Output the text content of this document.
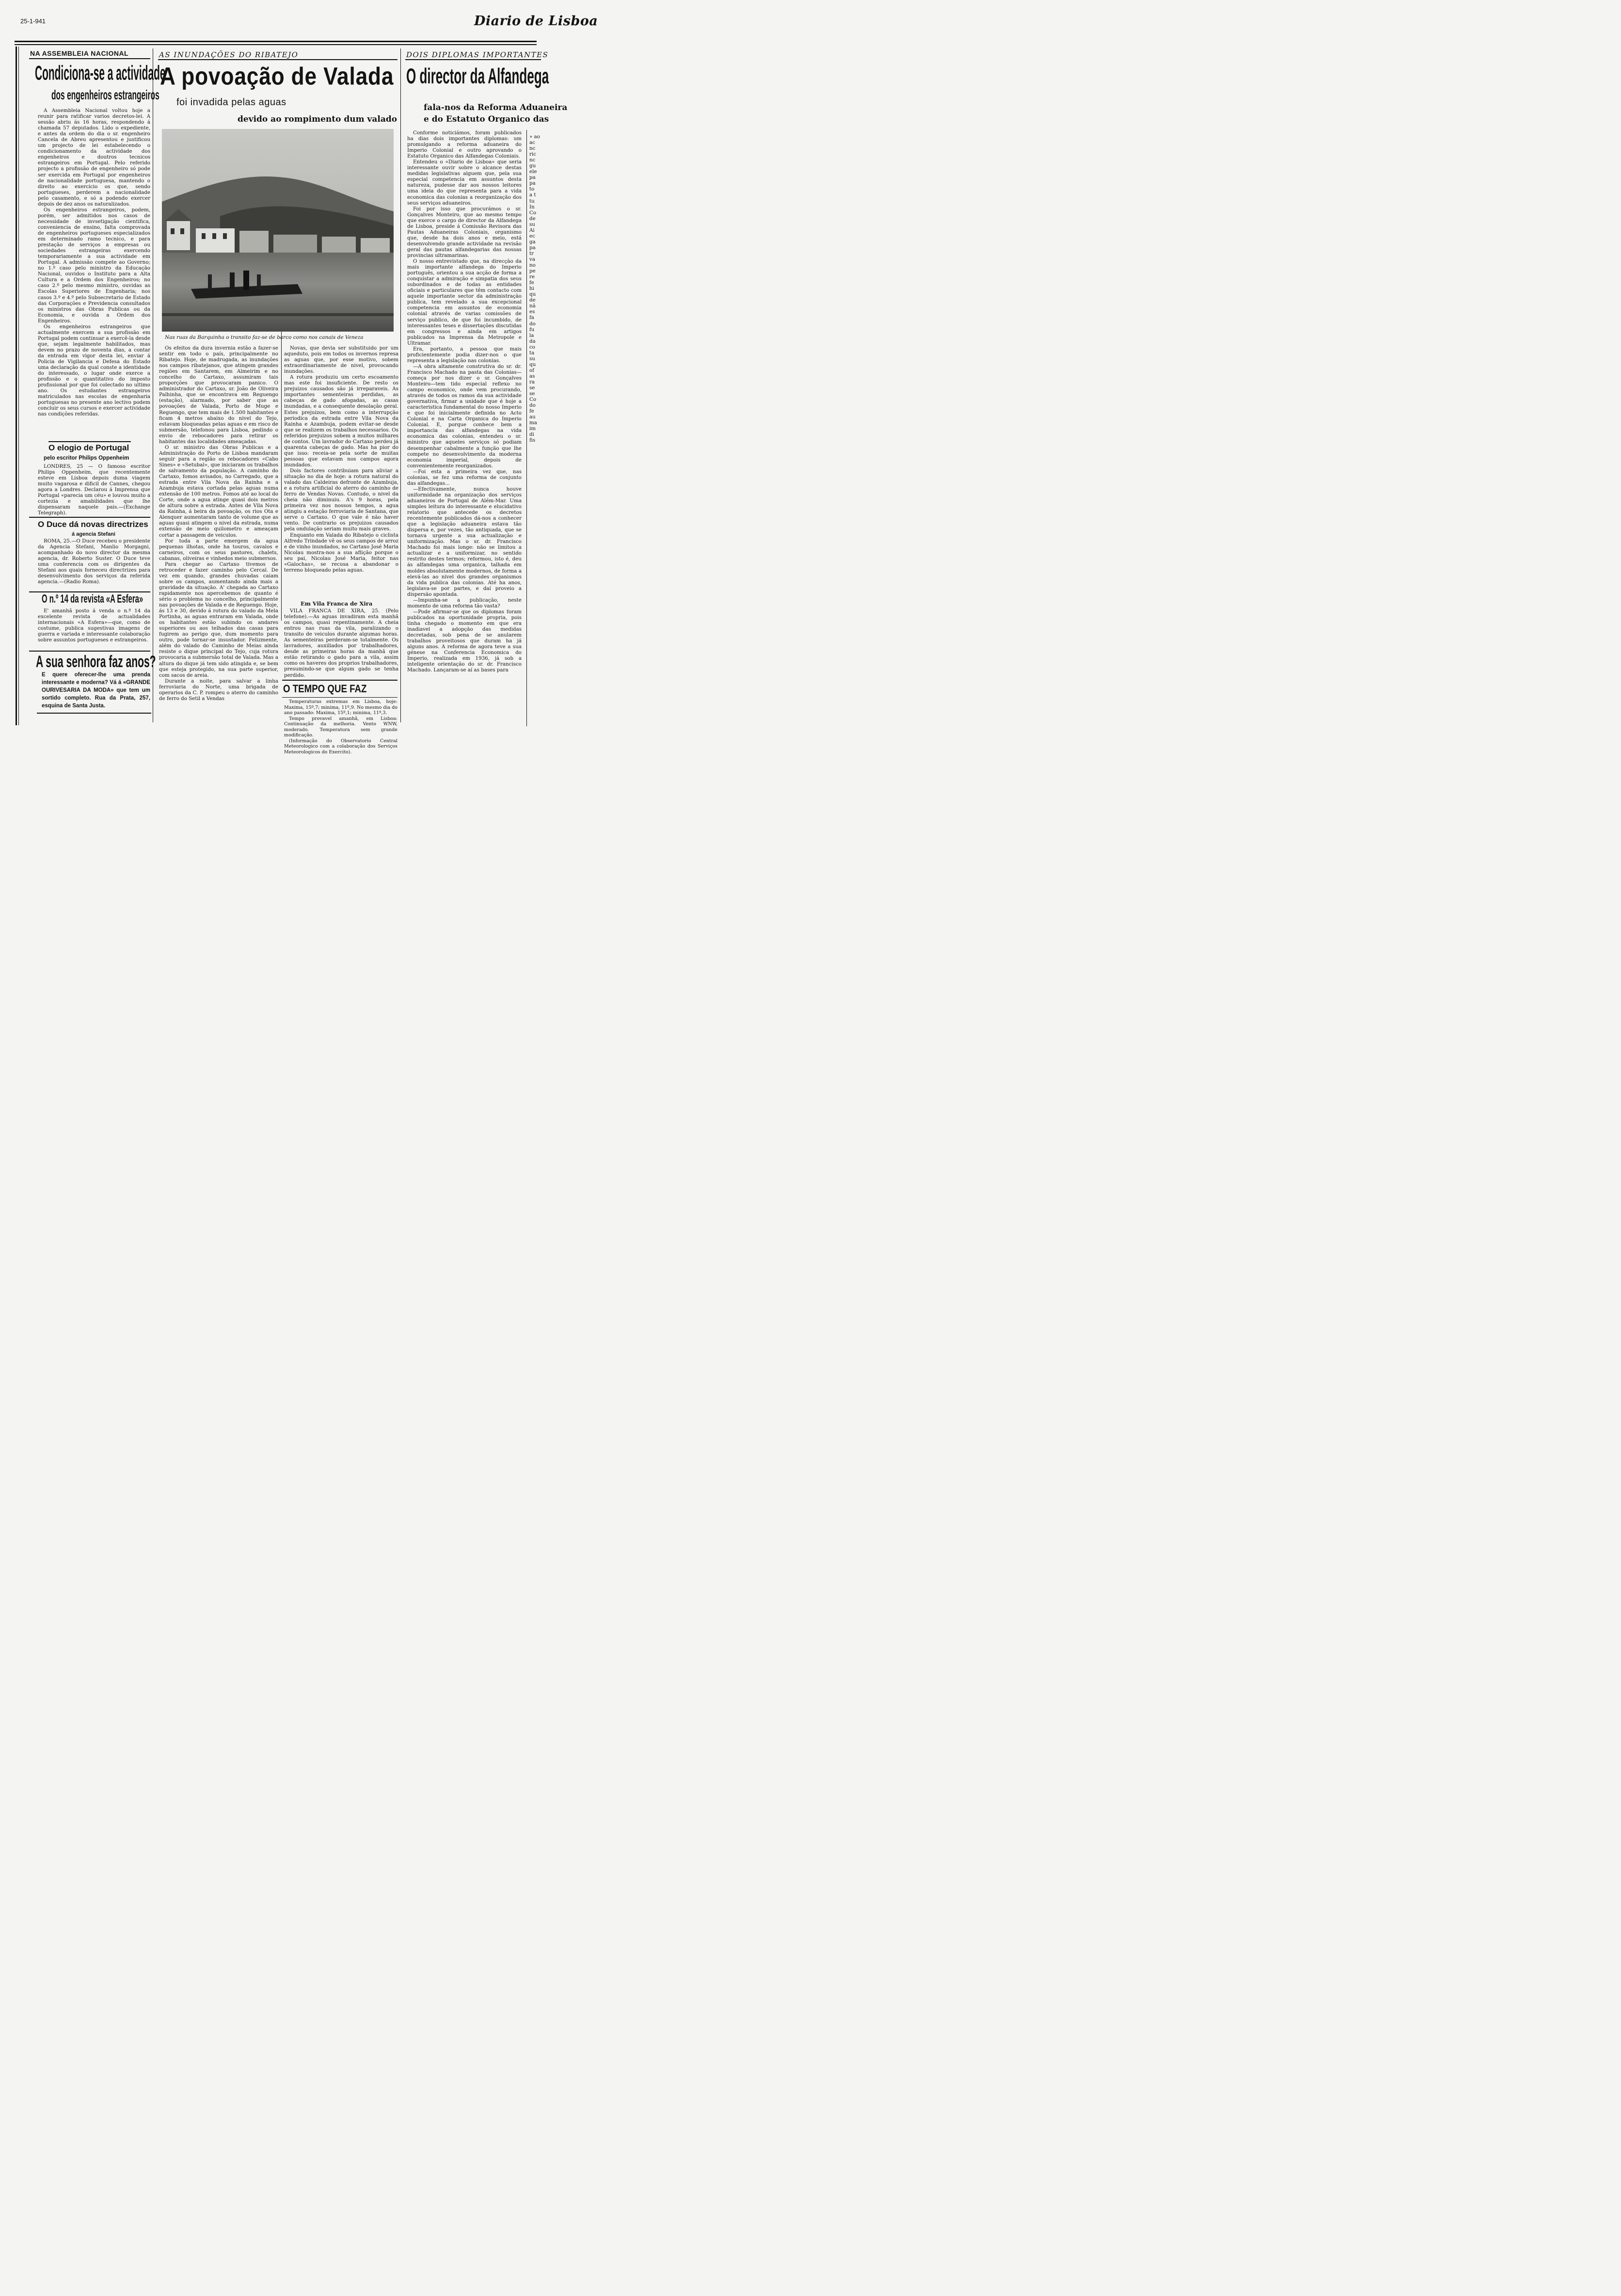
25-1-941	Diario de Lisboa
NA ASSEMBLEIA NACIONAL
Condiciona-se a actividade
dos engenheiros estrangeiros

A Assembleia Nacional voltou hoje a reunir para ratificar varios decretos-lei. A sessão abriu ás 16 horas, respondendo á chamada 57 deputados. Lido o expediente, e antes da ordem do dia o sr. engenheiro Cancela de Abreu apresentou e justificou um projecto de lei estabelecendo o condicionamento da actividade dos engenheiros e doutros tecnicos estrangeiros em Portugal. Pelo referido projecto a profissão de engenheiro só pode ser exercida em Portugal por engenheiros de nacionalidade portuguesa, mantendo o direito ao exercicio os que, sendo portugueses, perderem a nacionalidade pelo casamento, e só a podendo exercer depois de dez anos os naturalizados.

Os engenheiros estrangeiros, podem, porém, ser admitidos nos casos de necessidade de invsetigação cientifica, conveniencia de ensino, falta comprovada de engenheiros portugueses especializados em determinado ramo tecnico, e para prestação de serviços a empresas ou sociedades estrangeiras exercendo temporariamente a sua actividade em Portugal. A admissão compete ao Governo; no 1.º caso pelo ministro da Educação Nacional, ouvidos o Instituto para a Alta Cultura e a Ordem dos Engenheiros; no caso 2.º pelo mesmo ministro, ouvidas as Escolas Superiores de Engenharia; nos casos 3.º e 4.º pelo Subsecretario de Estado das Corporações e Previdencia consultados os ministros das Obras Publicas ou da Economia, e ouvida a Ordem dos Engenheiros.

Os engenheiros estrangeiros que actualmente exercem a sua profissão em Portugal podem continuar a exercê-la desde que, sejam legalmente habilitados, mas devem no prazo de noventa dias, a contar da entrada em vigor desta lei, enviar á Policia de Vigilancia e Defesa do Estado uma declaração da qual conste a identidade do interessado, o lugar onde exerce a profissão e o quantitativo do imposto profissional por que foi colectado no ultimo ano. Os estudantes estrangeiros matriculados nas escolas de engenharia portuguesas no presente ano lectivo podem concluir os seus cursos e exercer actividade nas condições referidas.

O elogio de Portugal
pelo escritor Philips Oppenheim

LONDRES, 25 — O famoso escritor Philips Oppenheim, que recentemente esteve em Lisboa depois duma viagem muito vagarosa e dificil de Cannes, chegou agora a Londres. Declarou á Imprensa que Portugal «parecia um céu» e louvou muito a cortezia e amabilidades que lhe dispensaram naquele pais.—(Exchange Telegraph).

O Duce dá novas directrizes
á agencia Stefani

ROMA, 25.—O Duce recebeu o presidente da Agencia Stefani, Manlio Morgagni, acompanhado do novo director da mesma agencia, dr. Roberto Suster. O Duce teve uma conferencia com os dirigentes da Stefani aos quais forneceu directrizes para desenvolvimento dos serviços da referida agencia.—(Radio Roma).

O n.º 14 da revista «A Esfera»

E' amanhã posto á venda o n.º 14 da excelente revista de actualidades internacionais «A Esfera»—que, como de costume, publica sugestivas imagens de guerra e variada e interessante colaboração sobre assuntos portugueses e estrangeiros.

A sua senhora faz anos?
E quere oferecer-lhe uma prenda interessante e moderna? Vá á «GRANDE OURIVESARIA DA MODA» que tem um sortido completo. Rua da Prata, 257, esquina de Santa Justa.
AS INUNDAÇÕES DO RIBATEJO
A povoação de Valada
foi invadida pelas aguas
devido ao rompimento dum valado
Nas ruas da Barquinha o transito faz-se de barco como nos canais de Veneza

Os efeitos da dura invernia estão a fazer-se sentir em todo o país, principalmente no Ribatejo. Hoje, de madrugada, as inundações nos campos ribatejanos, que atingem grandes regiões em Santarem, em Almeirim e no concelho do Cartaxo, assumiram tais proporções que provocaram panico. O administrador do Cartaxo, sr. João de Oliveira Palhinha, que se encontrava em Reguengo (estação), alarmado, por saber que as povoações de Valada, Porto de Muge e Reguengo, que tem mais de 1.500 habitantes e ficam 4 metros abaixo do nivel do Tejo, estavam bloqueadas pelas aguas e em risco de submersão, telefonou para Lisboa, pedindo o envio de rebocadores para retirar os habitantes das localidades ameaçadas.

O sr. ministro das Obras Publicas e a Administração do Porto de Lisboa mandaram seguir para a região os rebocadores «Cabo Sines» e «Setubal», que iniciaram os trabalhos de salvamento da população. A caminho do Cartaxo, fomos avisados, no Carregado, que a estrada entre Vila Nova da Rainha e a Azambuja estava cortada pelas aguas numa extensão de 100 metros. Fomos até ao local do Corte, onde a agua atinge quasi dois metros de altura sobre a estrada. Antes de Vila Nova da Rainha, á beira da povoação, os rios Ota e Alenquer aumentaram tanto de volume que as aguas quasi atingem o nivel da estrada, numa extensão de meio quilometro e ameaçam cortar a passagem de veiculos.

Por toda a parte emergem da agua pequenas ilhotas, onde ha touros, cavalos e carneiros, com os seus pastores, chalets, cabanas, oliveiras e vinhedos meio submersos.

Para chegar ao Cartaxo tivemos de retroceder e fazer caminho pelo Cercal. De vez em quando, grandes chuvadas caiam sobre os campos, aumentando ainda mais a gravidade da situação. A' chegada ao Cartaxo rapidamente nos apercebemos de quanto é sério o problema no concelho, principalmente nas povoações de Valada e de Reguengo. Hoje, ás 13 e 30, devido á rotura do valado da Mela Portinha, as aguas entraram em Valada, onde os habitantes estão subindo os andares superiores ou aos telhados das casas para fugirem ao perigo que, dum momento para outro, pode tornar-se insustador. Felizmente, além do valado do Caminho de Meias ainda resiste o dique principal do Tejo, cuja rotura provocaria a submersão total de Valada. Mas a altura do dique já tem sido atingida e, se bem que esteja protegido, na sua parte superior, com sacos de areia.

Durante a noite, para salvar a linha ferroviaria do Norte, uma brigada de operarios da C. P. rompeu o aterro do caminho de ferro do Setil a Vendas

Novas, que devia ser substituido por um aqueduto, pois em todos os invernos represa as aguas que, por esse motivo, sobem extraordinariamente de nivel, provocando inundações.

A rotura produziu um certo escoamento mas este foi insuficiente. De resto os prejuizos causados são já irreparaveis. As importantes sementeiras perdidas, as cabeças de gado afogadas, as casas inundadas, e a consequente desolação geral. Estes prejuizos, bem como a interrupção periodica da estrada entre Vila Nova da Rainha e Azambuja, podem evitar-se desde que se realizem os trabalhos necessarios. Os referidos prejuizos sobem a muitos milhares de contos. Um lavrador do Cartaxo perdeu já quarenta cabeças de gado. Mas ha pior do que isso: receia-se pela sorte de muitas pessoas que estavam nos campos agora inundados.

Dois factores contribuiam para aliviar a situação no dia de hoje: a rotura natural do valado das Caldeiras defronte de Azambuja, e a rotura artificial do aterro do caminho de ferro de Vendas Novas. Contudo, o nivel da cheia não diminuiu. A's 9 horas, pela primeira vez nos nossos tempos, a agua atingiu a estação ferroviaria de Santana, que serve o Cartaxo. O que vale é não haver vento. De contrario os prejuizos causados pela ondulação seriam muito mais graves.

Enquanto em Valada do Ribatejo o ciclista Alfredo Trindade vê os seus campos de arroz e de vinho inundados, no Cartaxo José Maria Nicolau mostra-nos a sua aflição porque o seu pai, Nicolau José Maria, feitor nas «Galochas», se recusa a abandonar o terreno bloqueado pelas aguas.

Em Vila Franca de Xira

VILA FRANCA DE XIRA, 25. (Pelo telefone).—As aguas invadiram esta manhã os campos, quasi repentinamente. A cheia entrou nas ruas da vila, paralizando o transito de veiculos durante algumas horas. As sementeiras perderam-se totalmente. Os lavradores, auxiliados por trabalhadores, desde as primeiras horas da manhã que estão retirando o gado para a vila, assim como os haveres dos proprios trabalhadores, presumindo-se que algum gado se tenha perdido.

O TEMPO QUE FAZ

Temperaturas extremas em Lisboa, hoje: Maxima, 15º,7; minima, 11º,9. No mesmo dia do ano passado: Maxima, 15º,1; minima, 11º,3.

Tempo provavel amanhã, em Lisboa: Continuação da melhoria. Vento WNW, moderado. Temperatura sem grande modificação.

(Informação do Observatorio Central Meteorologico com a colaboração dos Serviços Meteorologicos do Exercito).

DOIS DIPLOMAS IMPORTANTES
O director da Alfandega
fala-nos da Reforma Aduaneira
e do Estatuto Organico das

Conforme noticiámos, foram publicados ha dias dois importantes diplomas: um promulgando a reforma aduaneira do Imperio Colonial e outro aprovando o Estatuto Organico das Alfandegas Coloniais.

Entendeu o «Diario de Lisboa» que seria interessante ouvir sobre o alcance destas medidas legislativas alguem que, pela sua especial competencia em assuntos desta natureza, pudesse dar aos nossos leitores uma ideia do que representa para a vida economica das colonias a reorganização dos seus serviços aduaneiros.

Foi por isso que procurámos o sr. Gonçalves Monteiro, que ao mesmo tempo que exerce o cargo de director da Alfandega de Lisboa, preside á Comissão Revisora das Pautas Aduaneiras Coloniais, organismo que, desde ha dois anos e meio, está desenvolvendo grande actividade na revisão geral das pautas alfandegarias das nossas provincias ultramarinas.

O nosso entrevistado que, na direcção da mais importante alfandega do Imperio português, orientou a sua acção de forma a conquistar a admiração e simpatia dos seus subordinados e de todas as entidades oficiais e particulares que têm contacto com aquele importante sector da administração publica, tem revelado a sua excepcional competencia em assuntos de economia colonial através de varias comissões de serviço publico, de que foi incumbido, de interessantes teses e dissertações discutidas em congressos e ainda em artigos publicados na Imprensa da Metropole e Ultramar.

Era, portanto, a pessoa que mais proficientemente podia dizer-nos o que representa a legislação nas colonias.

—A obra altamente construtiva do sr. dr. Francisco Machado na pasta das Colonias—começa por nos dizer o sr. Gonçalves Monteiro—tem tido especial reflexo no campo economico, onde vem procurando, através de todos os ramos da sua actividade governativa, firmar a unidade que é hoje a caracteristica fundamental do nosso Imperio e que foi inicialmente definida no Acto Colonial e na Carta Organica do Imperio Colonial. E, porque conhece bem a importancia das alfandegas na vida economica das colonias, entendeu o sr. ministro que aqueles serviços só podiam desempenhar cabalmente a função que lhe compete no desenvolvimento da moderna economia imperial, depois de convenientemente reorganizados.

—Foi esta a primeira vez que, nas colonias, se fez uma reforma de conjunto das alfandegas...

—Efectivamente, nunca houve uniformidade na organização dos serviços aduaneiros de Portugal de Além-Mar. Uma simples leitura do interessante e elucidativo relatorio que antecede os decretos recentemente publicados dá-nos a conhecer que a legislação aduaneira estava tão dispersa e, por vezes, tão antiquada, que se tornava urgente a sua actualização e uniformização. Mas o sr. dr. Francisco Machado foi mais longe: não se limitou a actualizar e a uniformizar, no sentido restrito destes termos; reformou, isto é, deu ás alfandegas uma organica, talhada em moldes absolutamente modernos, de forma a elevá-las ao nivel dos grandes organismos da vida publica das colonias. Até ha anos, legislava-se por partes, e daí proveio a dispersão apontada.

—Impunha-se a publicação, neste momento de uma reforma tão vasta?

—Pode afirmar-se que os diplomas foram publicados na oportunidade propria, pois tinha chegado o momento em que era inadiavel a adopção das medidas decretadas, sob pena de se anularem trabalhos proveitosos que duram ha já alguns anos. A reforma de agora teve a sua génese na Conferencia Economica do Imperio, realizada em 1936, já sob a inteligente orientação do sr. dr. Francisco Machado. Lançaram-se aí as bases para

» ao
ac
nc
ric
nc
gu
ele
pa
pa
to
a t
tu
In
Co
de
su
Ai
ec
ga
pa
tr
va
no
pe
re
fe
hi
qu
de
nã
es
fa
do
fu
la
da
co
ta
su
qu
of
as
ra
se
se
Co
do
fe
au
ma
im
di
fis
